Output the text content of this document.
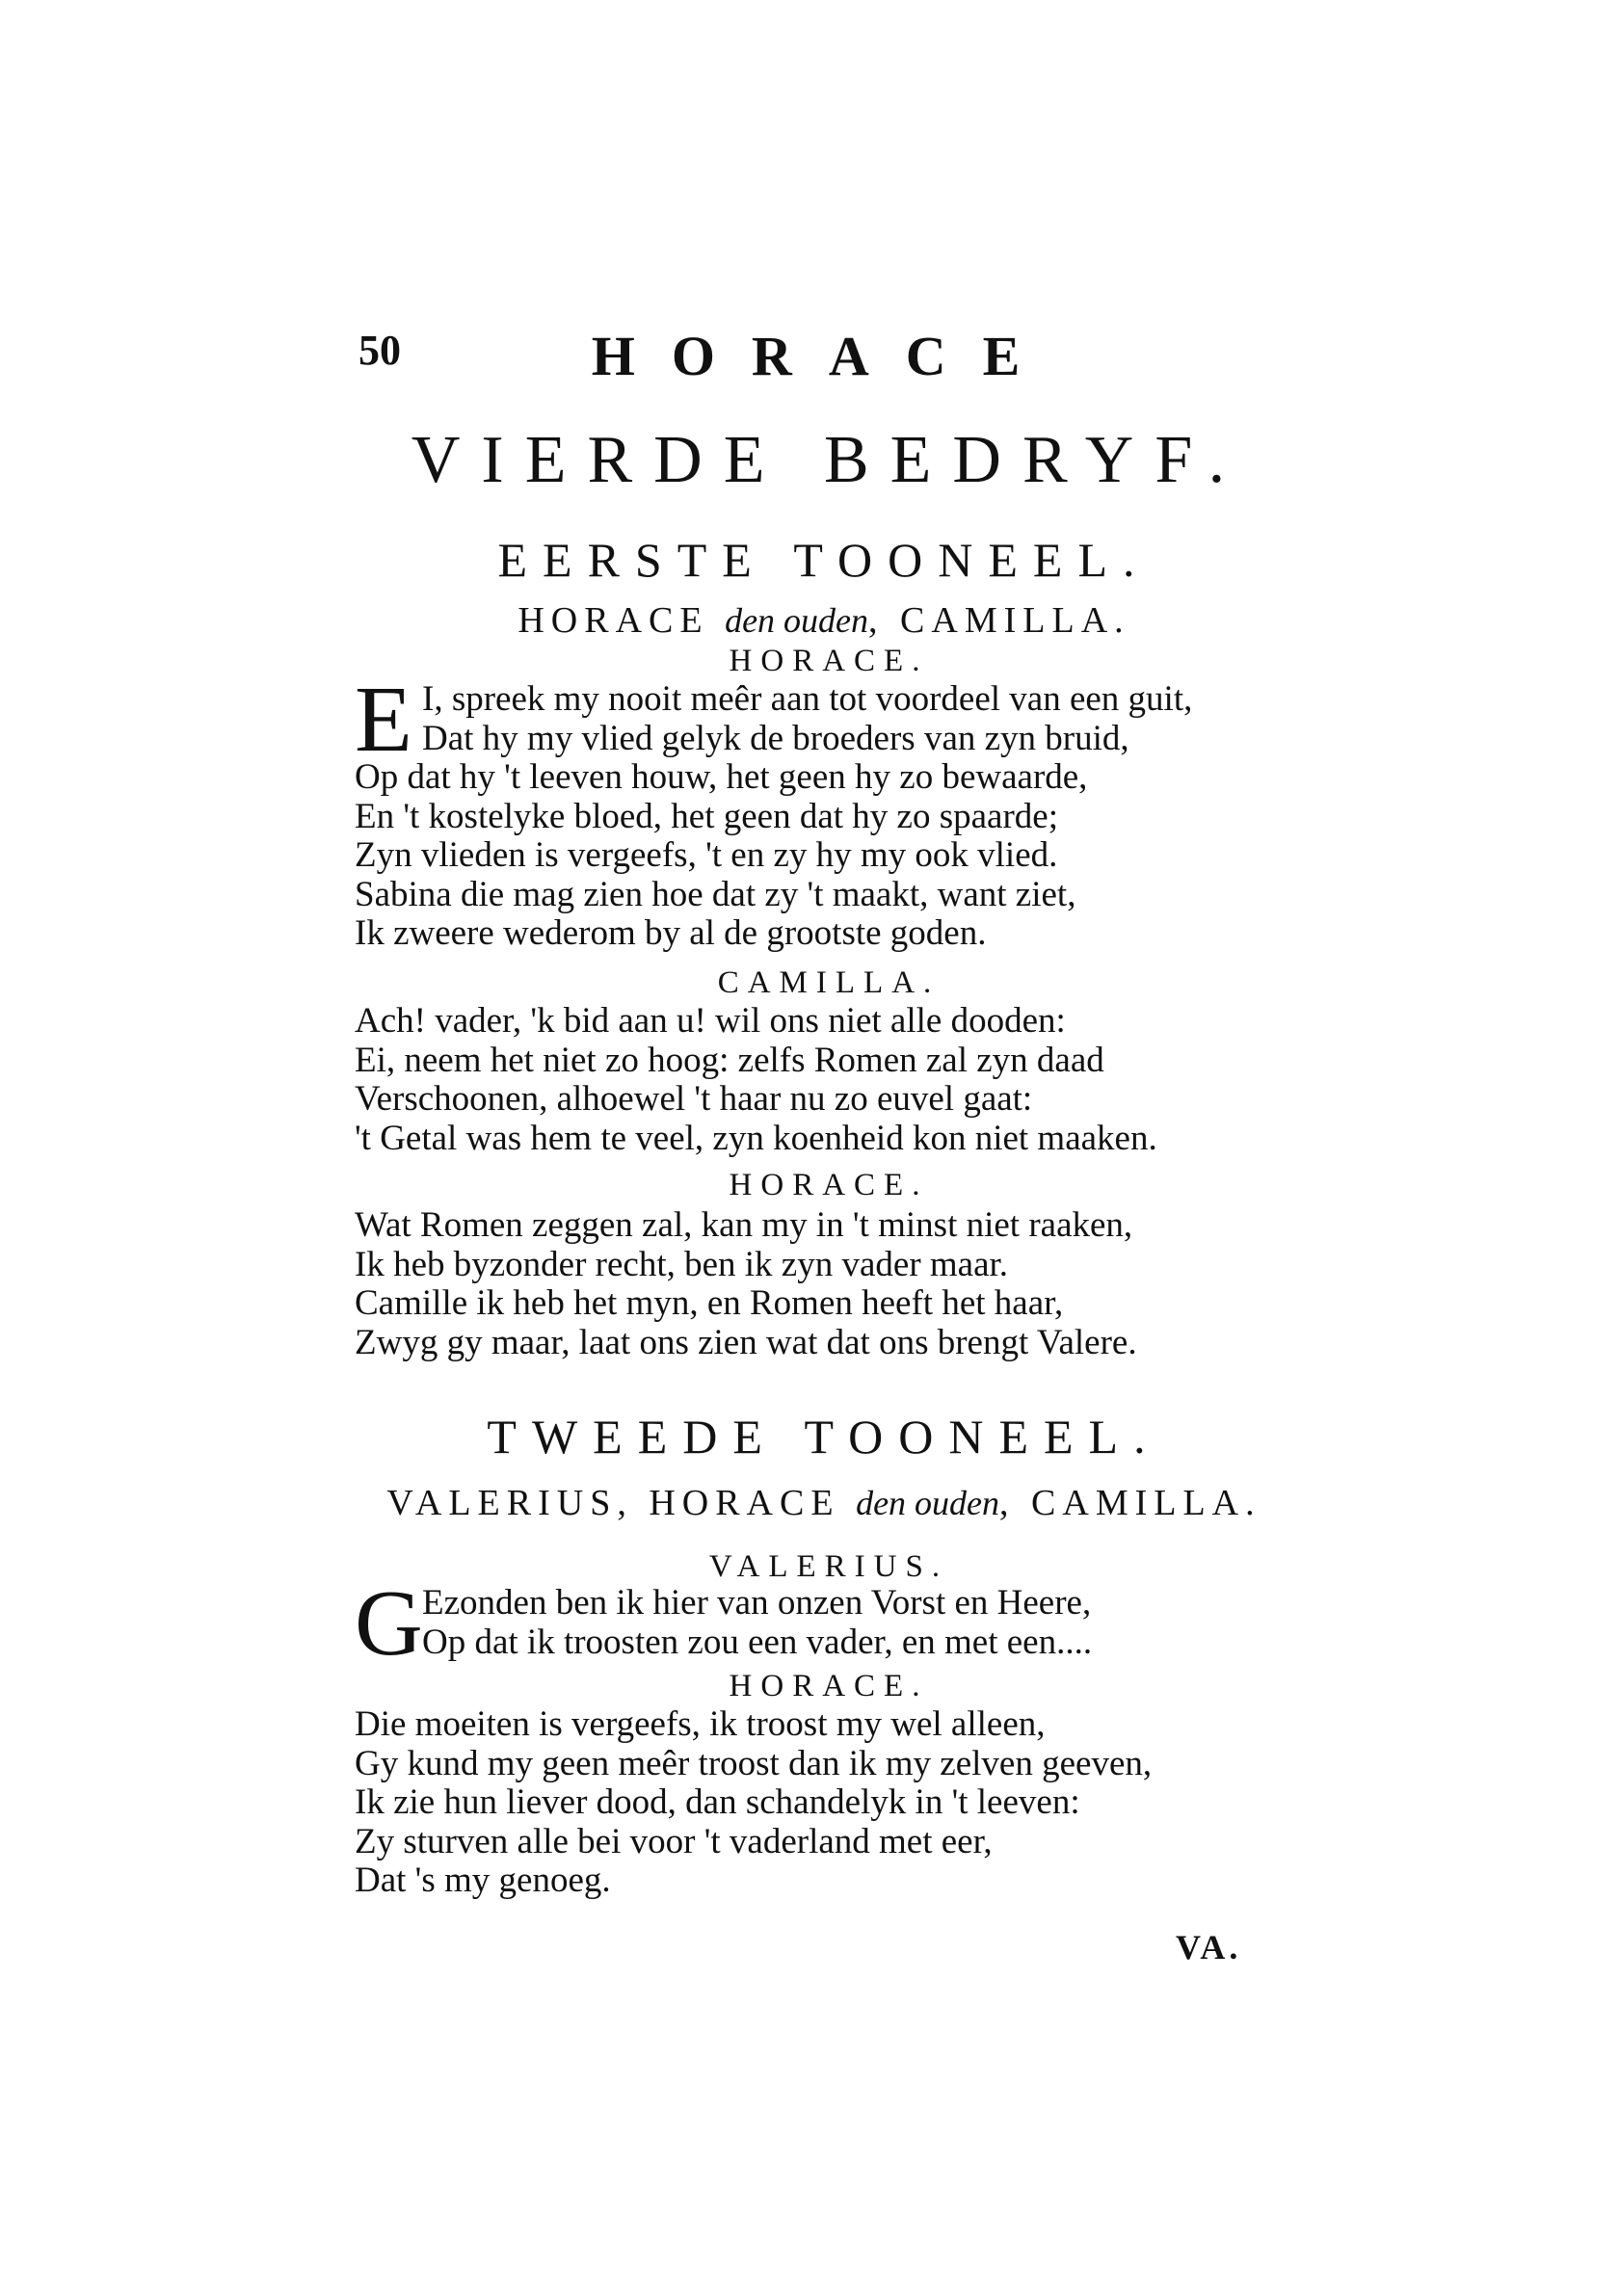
50	HORACE
VIERDE BEDRYF.
EERSTE TOONEEL.
HORACE den ouden, CAMILLA.
HORACE.
E I, spreek my nooit meêr aan tot voordeel van een guit,
Dat hy my vlied gelyk de broeders van zyn bruid,
Op dat hy 't leeven houw, het geen hy zo bewaarde,
En 't kostelyke bloed, het geen dat hy zo spaarde;
Zyn vlieden is vergeefs, 't en zy hy my ook vlied.
Sabina die mag zien hoe dat zy 't maakt, want ziet,
Ik zweere wederom by al de grootste goden.
CAMILLA.
Ach! vader, 'k bid aan u! wil ons niet alle dooden:
Ei, neem het niet zo hoog: zelfs Romen zal zyn daad
Verschoonen, alhoewel 't haar nu zo euvel gaat:
't Getal was hem te veel, zyn koenheid kon niet maaken.
HORACE.
Wat Romen zeggen zal, kan my in 't minst niet raaken,
Ik heb byzonder recht, ben ik zyn vader maar.
Camille ik heb het myn, en Romen heeft het haar,
Zwyg gy maar, laat ons zien wat dat ons brengt Valere.
TWEEDE TOONEEL.
VALERIUS, HORACE den ouden, CAMILLA.
VALERIUS.
G Ezonden ben ik hier van onzen Vorst en Heere,
Op dat ik troosten zou een vader, en met een....
HORACE.
Die moeiten is vergeefs, ik troost my wel alleen,
Gy kund my geen meêr troost dan ik my zelven geeven,
Ik zie hun liever dood, dan schandelyk in 't leeven:
Zy sturven alle bei voor 't vaderland met eer,
Dat 's my genoeg.
VA.
